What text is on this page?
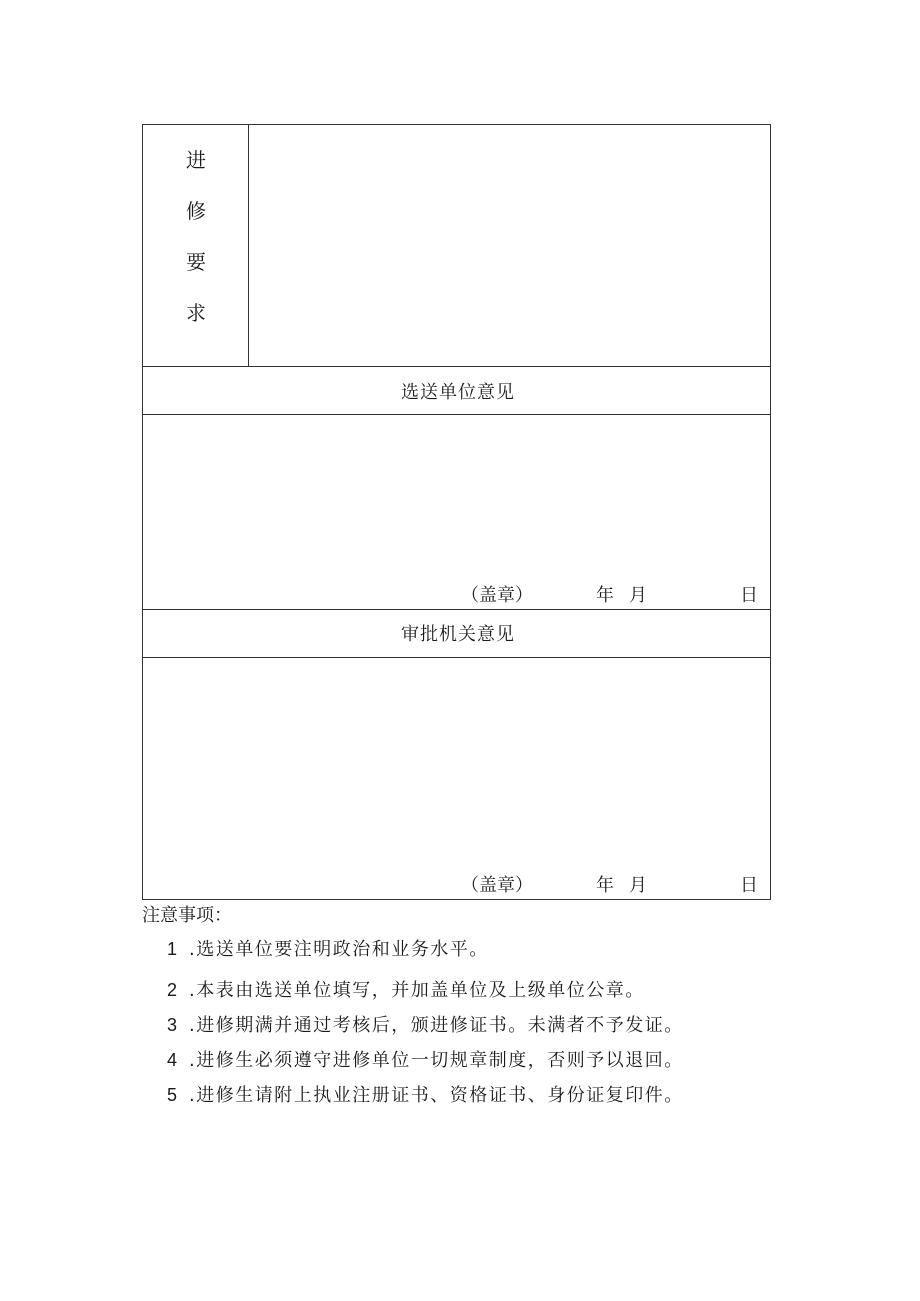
进
修
要
求

选送单位意见

（盖章）	年 月	日

审批机关意见

（盖章）	年 月	日
注意事项：
1 .选送单位要注明政治和业务水平。
2 .本表由选送单位填写，并加盖单位及上级单位公章。
3 .进修期满并通过考核后，颁进修证书。未满者不予发证。
4 .进修生必须遵守进修单位一切规章制度，否则予以退回。
5 .进修生请附上执业注册证书、资格证书、身份证复印件。
